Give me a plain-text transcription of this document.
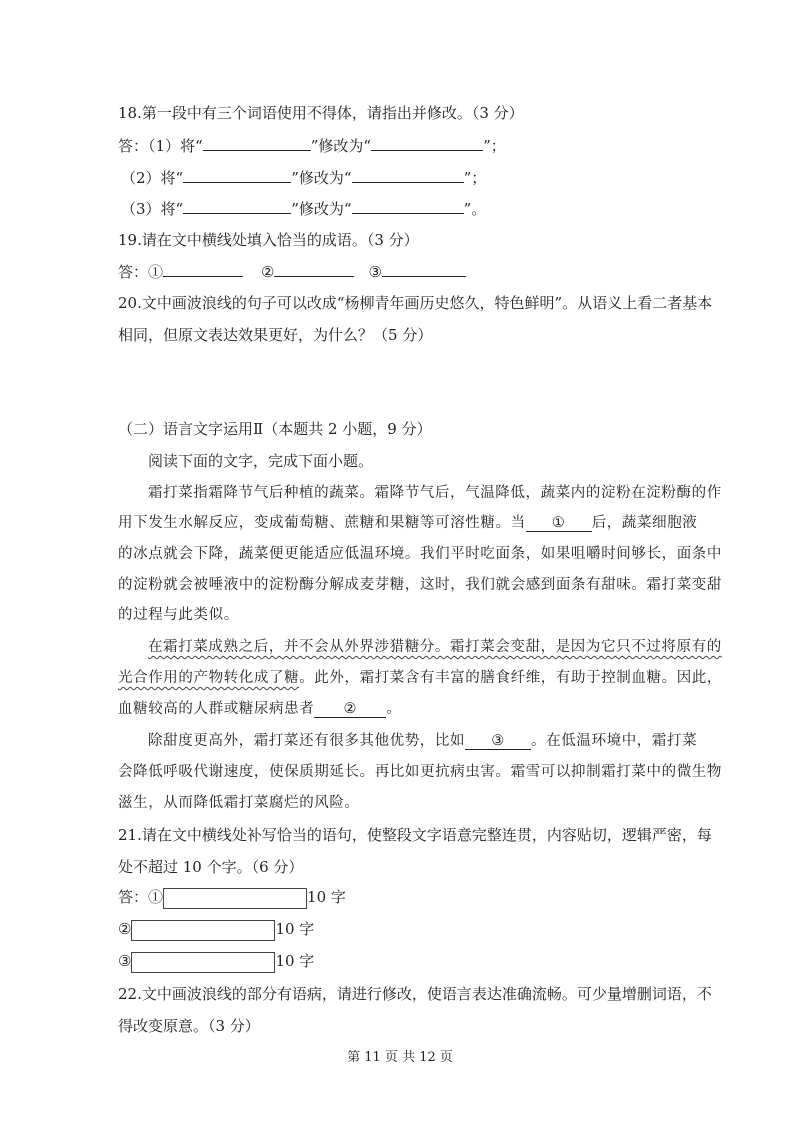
18.第一段中有三个词语使用不得体，请指出并修改。（3 分）
答：（1）将“	”修改为“	”；
（2）将“	”修改为“	”；
（3）将“	”修改为“	”。
19.请在文中横线处填入恰当的成语。（3 分）
答：①	②	③
20.文中画波浪线的句子可以改成“杨柳青年画历史悠久，特色鲜明”。从语义上看二者基本
相同，但原文表达效果更好，为什么？（5 分）
（二）语言文字运用Ⅱ（本题共 2 小题，9 分）
阅读下面的文字，完成下面小题。
霜打菜指霜降节气后种植的蔬菜。霜降节气后，气温降低，蔬菜内的淀粉在淀粉酶的作
用下发生水解反应，变成葡萄糖、蔗糖和果糖等可溶性糖。当 ① 后，蔬菜细胞液
的冰点就会下降，蔬菜便更能适应低温环境。我们平时吃面条，如果咀嚼时间够长，面条中
的淀粉就会被唾液中的淀粉酶分解成麦芽糖，这时，我们就会感到面条有甜味。霜打菜变甜
的过程与此类似。
在霜打菜成熟之后，并不会从外界涉猎糖分。霜打菜会变甜，是因为它只不过将原有的
光合作用的产物转化成了糖。此外，霜打菜含有丰富的膳食纤维，有助于控制血糖。因此，
血糖较高的人群或糖尿病患者 ② 。
除甜度更高外，霜打菜还有很多其他优势，比如 ③ 。在低温环境中，霜打菜
会降低呼吸代谢速度，使保质期延长。再比如更抗病虫害。霜雪可以抑制霜打菜中的微生物
滋生，从而降低霜打菜腐烂的风险。
21.请在文中横线处补写恰当的语句，使整段文字语意完整连贯，内容贴切，逻辑严密，每
处不超过 10 个字。（6 分）
答：①	10 字
②	10 字
③	10 字
22.文中画波浪线的部分有语病，请进行修改，使语言表达准确流畅。可少量增删词语，不
得改变原意。（3 分）
第 11 页 共 12 页
